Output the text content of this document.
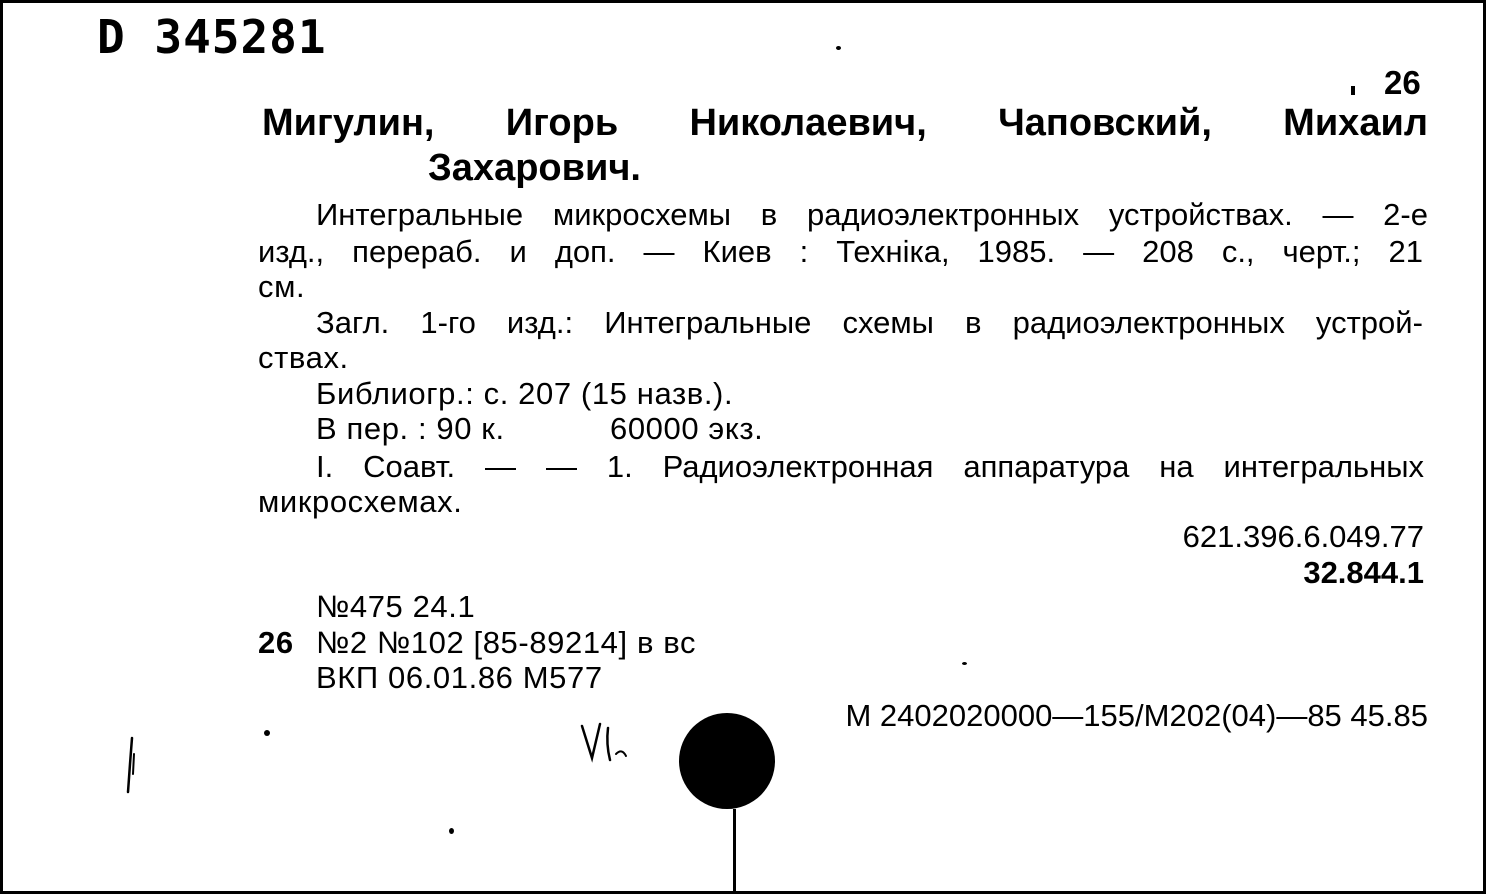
D 345281
26
Мигулин, Игорь Николаевич, Чаповский, Михаил
Захарович.
Интегральные микросхемы в радиоэлектронных устройствах. — 2-е
изд., перераб. и доп. — Киев : Техніка, 1985. — 208 с., черт.; 21
см.
Загл. 1-го изд.: Интегральные схемы в радиоэлектронных устрой-
ствах.
Библиогр.: с. 207 (15 назв.).
В пер. : 90 к.	60000 экз.
I. Соавт. — — 1. Радиоэлектронная аппаратура на интегральных
микросхемах.
621.396.6.049.77
32.844.1
№475 24.1
26 №2 №102 [85-89214] в вс
ВКП 06.01.86 М577
М 2402020000—155/М202(04)—85 45.85
